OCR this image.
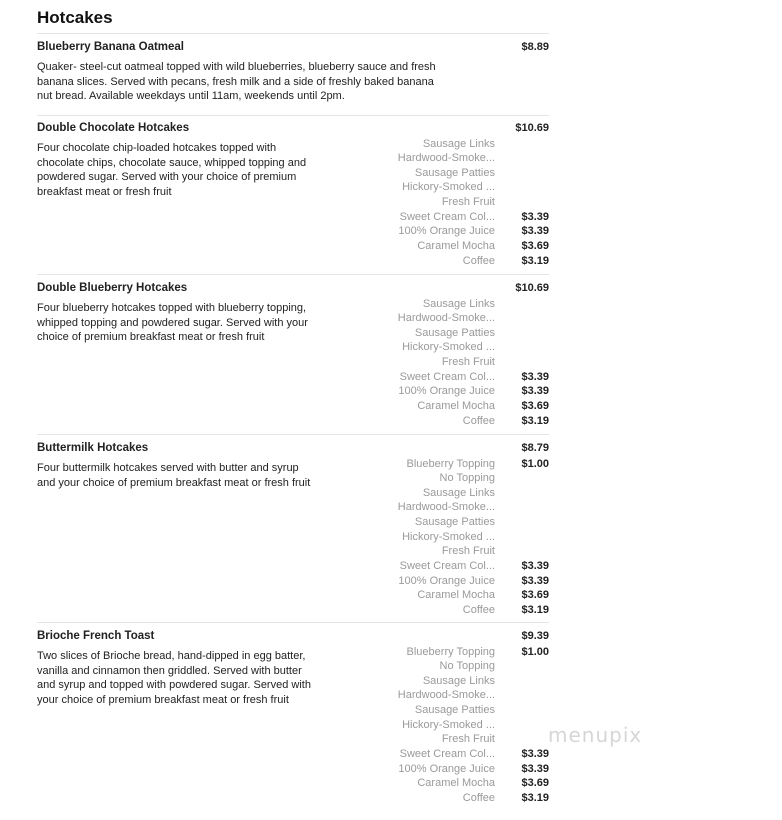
Hotcakes
Blueberry Banana Oatmeal	$8.89
Quaker- steel-cut oatmeal topped with wild blueberries, blueberry sauce and fresh banana slices. Served with pecans, fresh milk and a side of freshly baked banana nut bread. Available weekdays until 11am, weekends until 2pm.
Double Chocolate Hotcakes	$10.69
Four chocolate chip-loaded hotcakes topped with chocolate chips, chocolate sauce, whipped topping and powdered sugar. Served with your choice of premium breakfast meat or fresh fruit
Sausage Links
Hardwood-Smoke...
Sausage Patties
Hickory-Smoked ...
Fresh Fruit
Sweet Cream Col... $3.39
100% Orange Juice $3.39
Caramel Mocha $3.69
Coffee $3.19
Double Blueberry Hotcakes	$10.69
Four blueberry hotcakes topped with blueberry topping, whipped topping and powdered sugar. Served with your choice of premium breakfast meat or fresh fruit
Sausage Links
Hardwood-Smoke...
Sausage Patties
Hickory-Smoked ...
Fresh Fruit
Sweet Cream Col... $3.39
100% Orange Juice $3.39
Caramel Mocha $3.69
Coffee $3.19
Buttermilk Hotcakes	$8.79
Four buttermilk hotcakes served with butter and syrup and your choice of premium breakfast meat or fresh fruit
Blueberry Topping $1.00
No Topping
Sausage Links
Hardwood-Smoke...
Sausage Patties
Hickory-Smoked ...
Fresh Fruit
Sweet Cream Col... $3.39
100% Orange Juice $3.39
Caramel Mocha $3.69
Coffee $3.19
Brioche French Toast	$9.39
Two slices of Brioche bread, hand-dipped in egg batter, vanilla and cinnamon then griddled. Served with butter and syrup and topped with powdered sugar. Served with your choice of premium breakfast meat or fresh fruit
Blueberry Topping $1.00
No Topping
Sausage Links
Hardwood-Smoke...
Sausage Patties
Hickory-Smoked ...
Fresh Fruit
Sweet Cream Col... $3.39
100% Orange Juice $3.39
Caramel Mocha $3.69
Coffee $3.19
menupix
